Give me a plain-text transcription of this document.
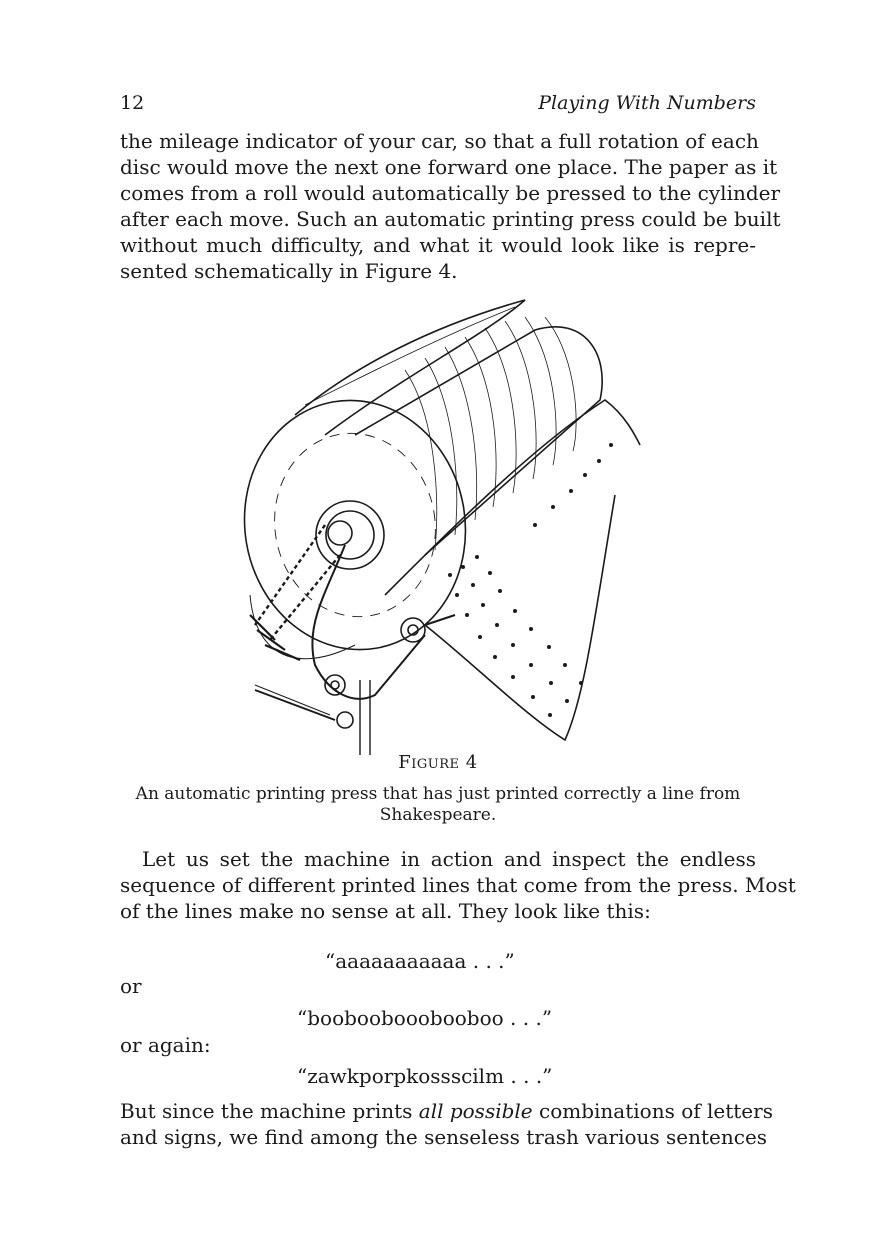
12	Playing With Numbers
the mileage indicator of your car, so that a full rotation of each
disc would move the next one forward one place. The paper as it
comes from a roll would automatically be pressed to the cylinder
after each move. Such an automatic printing press could be built
without much difficulty, and what it would look like is repre-
sented schematically in Figure 4.
Figure 4
An automatic printing press that has just printed correctly a line from
Shakespeare.
Let us set the machine in action and inspect the endless
sequence of different printed lines that come from the press. Most
of the lines make no sense at all. They look like this:
“aaaaaaaaaaa . . .”
or
“booboobooobooboo . . .”
or again:
“zawkporpkossscilm . . .”
But since the machine prints all possible combinations of letters
and signs, we find among the senseless trash various sentences
